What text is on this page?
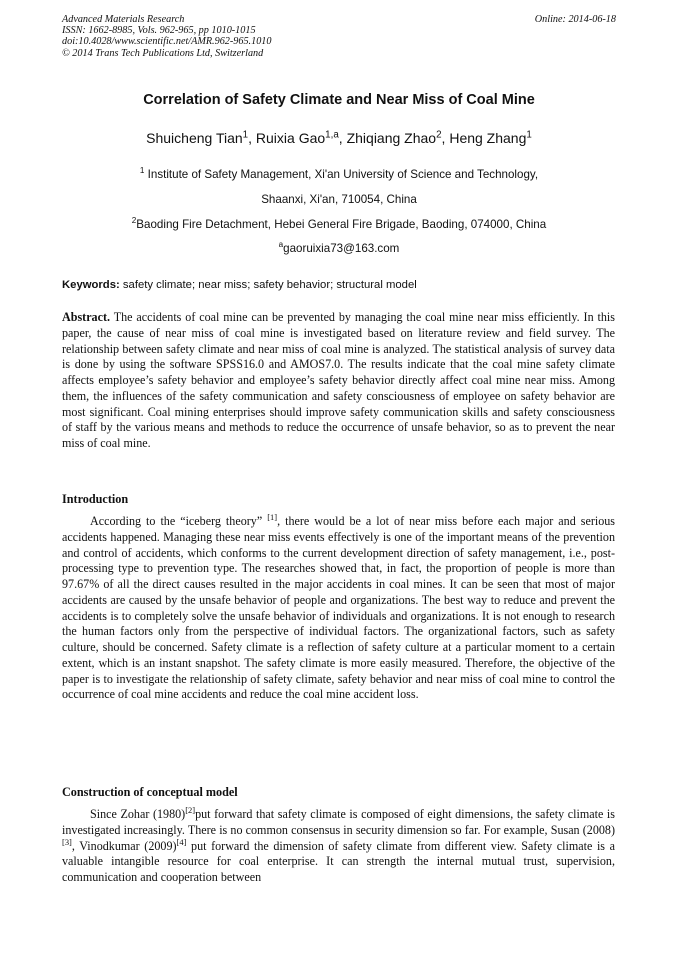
Advanced Materials Research
ISSN: 1662-8985, Vols. 962-965, pp 1010-1015
doi:10.4028/www.scientific.net/AMR.962-965.1010
© 2014 Trans Tech Publications Ltd, Switzerland
Online: 2014-06-18
Correlation of Safety Climate and Near Miss of Coal Mine
Shuicheng Tian$^1$, Ruixia Gao$^{1,a}$, Zhiqiang Zhao$^2$, Heng Zhang$^1$
$^1$ Institute of Safety Management, Xi'an University of Science and Technology,
Shaanxi, Xi'an, 710054, China
$^2$Baoding Fire Detachment, Hebei General Fire Brigade, Baoding, 074000, China
$^a$gaoruixia73@163.com
Keywords: safety climate; near miss; safety behavior; structural model

Abstract. The accidents of coal mine can be prevented by managing the coal mine near miss efficiently. In this paper, the cause of near miss of coal mine is investigated based on literature review and field survey. The relationship between safety climate and near miss of coal mine is analyzed. The statistical analysis of survey data is done by using the software SPSS16.0 and AMOS7.0. The results indicate that the coal mine safety climate affects employee’s safety behavior and employee’s safety behavior directly affect coal mine near miss. Among them, the influences of the safety communication and safety consciousness of employee on safety behavior are most significant. Coal mining enterprises should improve safety communication skills and safety consciousness of staff by the various means and methods to reduce the occurrence of unsafe behavior, so as to prevent the near miss of coal mine.

Introduction

According to the “iceberg theory” [1], there would be a lot of near miss before each major and serious accidents happened. Managing these near miss events effectively is one of the important means of the prevention and control of accidents, which conforms to the current development direction of safety management, i.e., post-processing type to prevention type. The researches showed that, in fact, the proportion of people is more than 97.67% of all the direct causes resulted in the major accidents in coal mines. It can be seen that most of major accidents are caused by the unsafe behavior of people and organizations. The best way to reduce and prevent the accidents is to completely solve the unsafe behavior of individuals and organizations. It is not enough to research the human factors only from the perspective of individual factors. The organizational factors, such as safety culture, should be concerned. Safety climate is a reflection of safety culture at a particular moment to a certain extent, which is an instant snapshot. The safety climate is more easily measured. Therefore, the objective of the paper is to investigate the relationship of safety climate, safety behavior and near miss of coal mine to control the occurrence of coal mine accidents and reduce the coal mine accident loss.

Construction of conceptual model
Since Zohar (1980)[2]put forward that safety climate is composed of eight dimensions, the safety climate is investigated increasingly. There is no common consensus in security dimension so far. For example, Susan (2008)[3], Vinodkumar (2009)[4] put forward the dimension of safety climate from different view. Safety climate is a valuable intangible resource for coal enterprise. It can strength the internal mutual trust, supervision, communication and cooperation between
